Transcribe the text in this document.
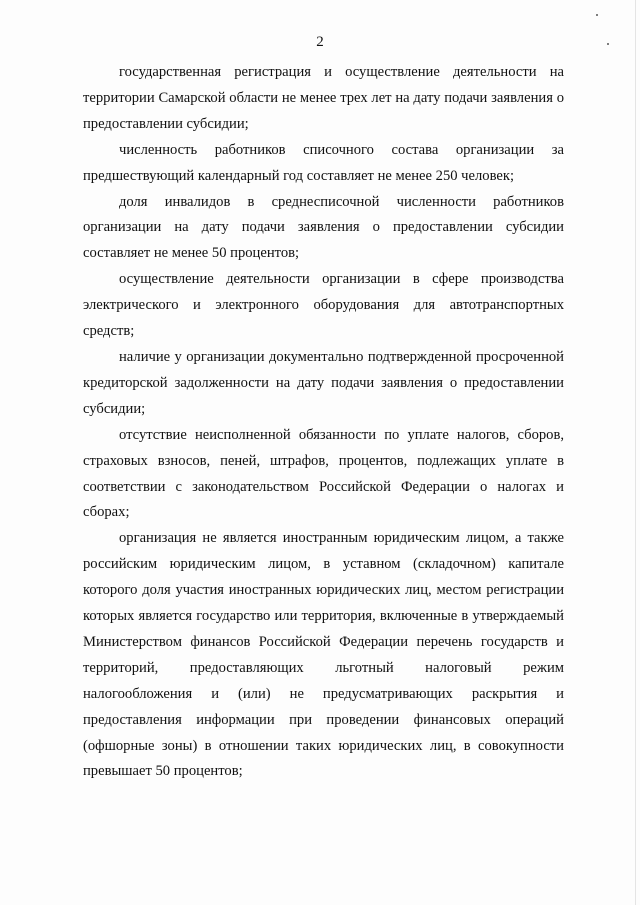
2

государственная регистрация и осуществление деятельности на территории Самарской области не менее трех лет на дату подачи заявления о предоставлении субсидии;

численность работников списочного состава организации за предшествующий календарный год составляет не менее 250 человек;

доля инвалидов в среднесписочной численности работников организации на дату подачи заявления о предоставлении субсидии составляет не менее 50 процентов;

осуществление деятельности организации в сфере производства электрического и электронного оборудования для автотранспортных средств;

наличие у организации документально подтвержденной просроченной кредиторской задолженности на дату подачи заявления о предоставлении субсидии;

отсутствие неисполненной обязанности по уплате налогов, сборов, страховых взносов, пеней, штрафов, процентов, подлежащих уплате в соответствии с законодательством Российской Федерации о налогах и сборах;

организация не является иностранным юридическим лицом, а также российским юридическим лицом, в уставном (складочном) капитале которого доля участия иностранных юридических лиц, местом регистрации которых является государство или территория, включенные в утверждаемый Министерством финансов Российской Федерации перечень государств и территорий, предоставляющих льготный налоговый режим налогообложения и (или) не предусматривающих раскрытия и предоставления информации при проведении финансовых операций (офшорные зоны) в отношении таких юридических лиц, в совокупности превышает 50 процентов;
